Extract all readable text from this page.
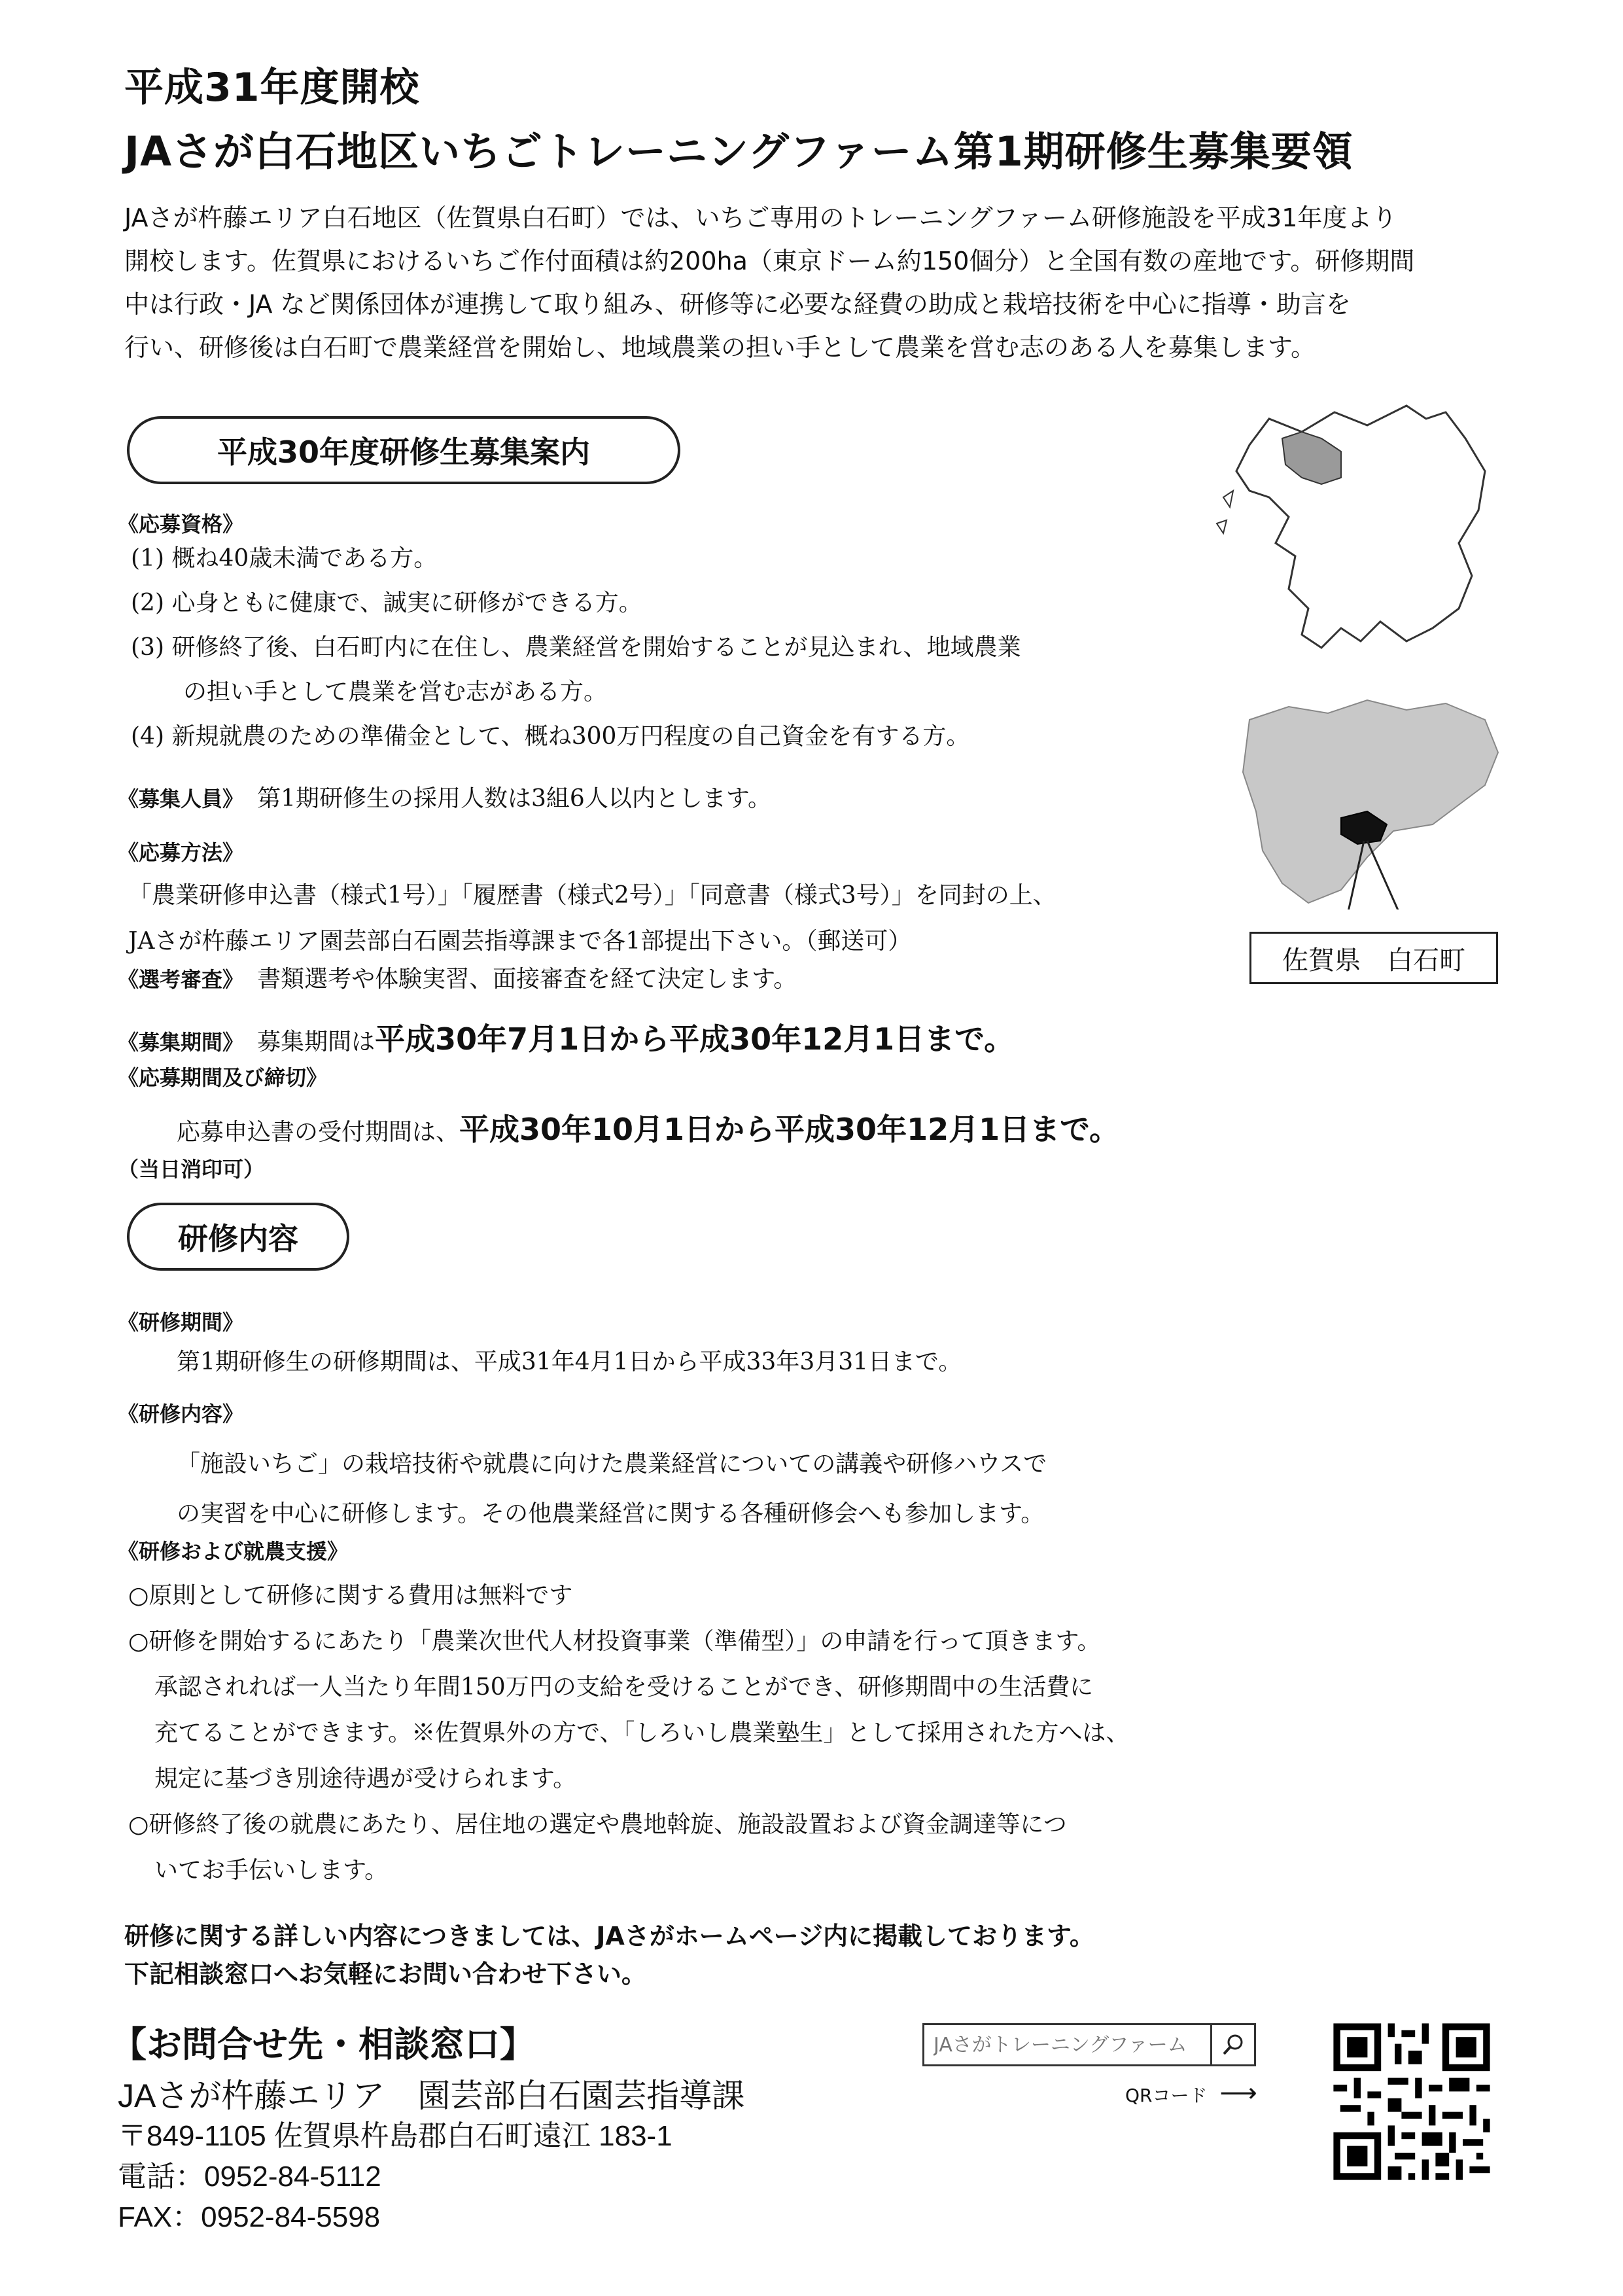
平成31年度開校
JAさが白石地区いちごトレーニングファーム第1期研修生募集要領
JAさが杵藤エリア白石地区（佐賀県白石町）では、いちご専用のトレーニングファーム研修施設を平成31年度より
開校します。佐賀県におけるいちご作付面積は約200ha（東京ドーム約150個分）と全国有数の産地です。研修期間
中は行政・JA など関係団体が連携して取り組み、研修等に必要な経費の助成と栽培技術を中心に指導・助言を
行い、研修後は白石町で農業経営を開始し、地域農業の担い手として農業を営む志のある人を募集します。
平成30年度研修生募集案内
《応募資格》
(1) 概ね40歳未満である方。
(2) 心身ともに健康で、誠実に研修ができる方。
(3) 研修終了後、白石町内に在住し、農業経営を開始することが見込まれ、地域農業
の担い手として農業を営む志がある方。
(4) 新規就農のための準備金として、概ね300万円程度の自己資金を有する方。
《募集人員》 第1期研修生の採用人数は3組6人以内とします。
《応募方法》
「農業研修申込書（様式1号）」「履歴書（様式2号）」「同意書（様式3号）」を同封の上、
JAさが杵藤エリア園芸部白石園芸指導課まで各1部提出下さい。（郵送可）
《選考審査》 書類選考や体験実習、面接審査を経て決定します。
《募集期間》 募集期間は平成30年7月1日から平成30年12月1日まで。
《応募期間及び締切》
応募申込書の受付期間は、平成30年10月1日から平成30年12月1日まで。
（当日消印可）
佐賀県　白石町
研修内容
《研修期間》
第1期研修生の研修期間は、平成31年4月1日から平成33年3月31日まで。
《研修内容》
「施設いちご」の栽培技術や就農に向けた農業経営についての講義や研修ハウスで
の実習を中心に研修します。その他農業経営に関する各種研修会へも参加します。
《研修および就農支援》
○原則として研修に関する費用は無料です
○研修を開始するにあたり「農業次世代人材投資事業（準備型）」の申請を行って頂きます。
承認されれば一人当たり年間150万円の支給を受けることができ、研修期間中の生活費に
充てることができます。※佐賀県外の方で、「しろいし農業塾生」として採用された方へは、
規定に基づき別途待遇が受けられます。
○研修終了後の就農にあたり、居住地の選定や農地斡旋、施設設置および資金調達等につ
いてお手伝いします。
研修に関する詳しい内容につきましては、JAさがホームページ内に掲載しております。
下記相談窓口へお気軽にお問い合わせ下さい。
【お問合せ先・相談窓口】
JAさが杵藤エリア　園芸部白石園芸指導課
〒849-1105 佐賀県杵島郡白石町遠江 183-1
電話：0952-84-5112
FAX：0952-84-5598
JAさがトレーニングファーム
QRコード ⟶
